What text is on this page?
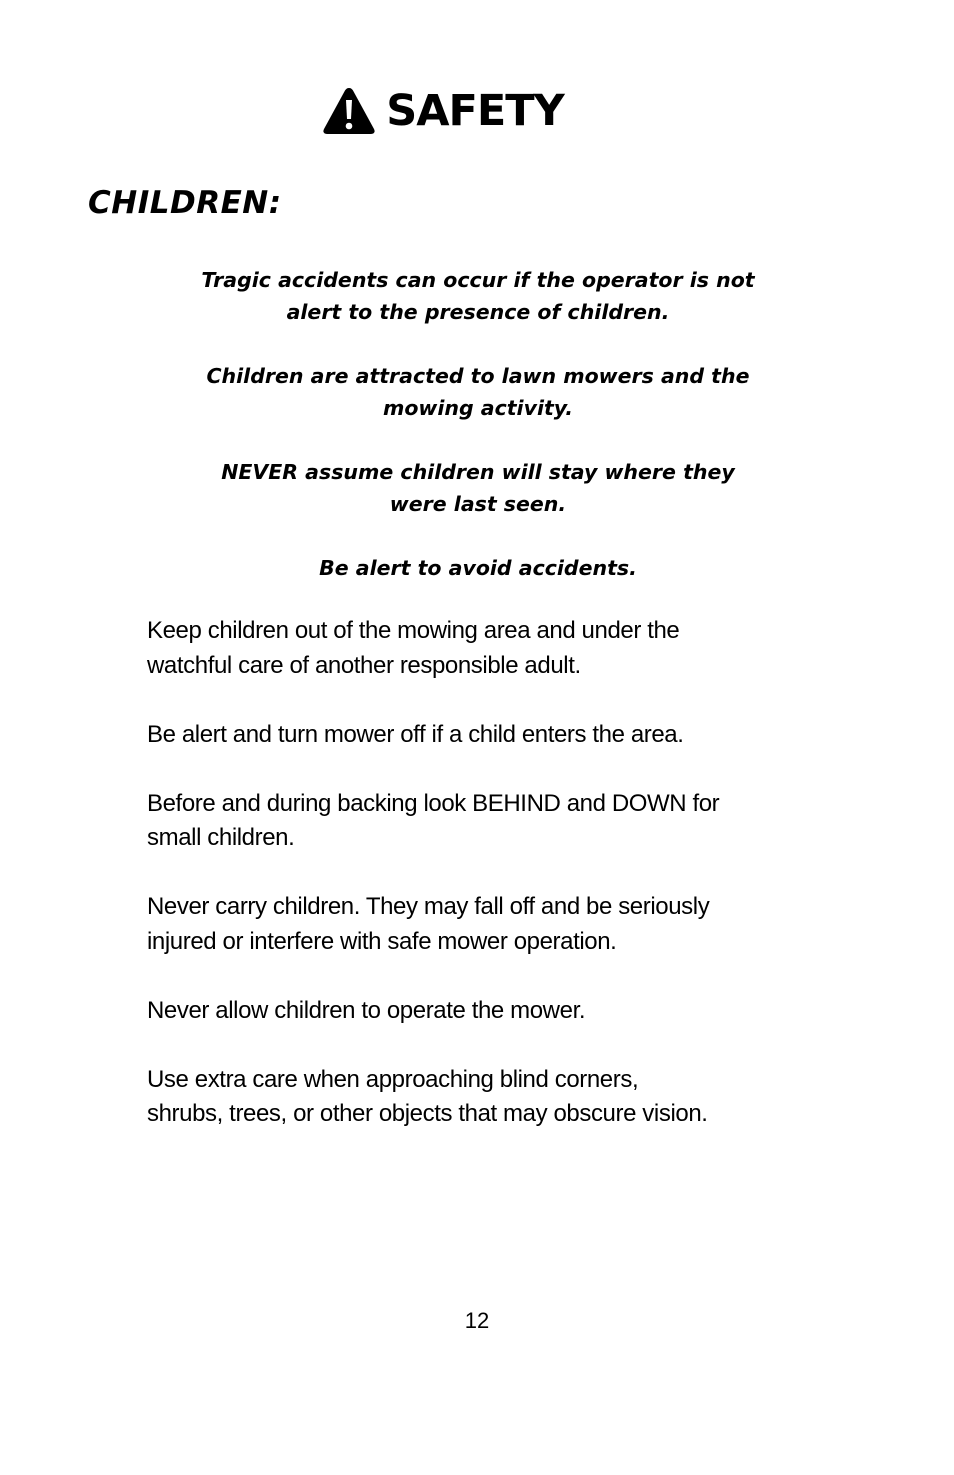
SAFETY
CHILDREN:

Tragic accidents can occur if the operator is not
alert to the presence of children.

Children are attracted to lawn mowers and the
mowing activity.

NEVER assume children will stay where they
were last seen.

Be alert to avoid accidents.

Keep children out of the mowing area and under the
watchful care of another responsible adult.

Be alert and turn mower off if a child enters the area.

Before and during backing look BEHIND and DOWN for
small children.

Never carry children. They may fall off and be seriously
injured or interfere with safe mower operation.

Never allow children to operate the mower.

Use extra care when approaching blind corners,
shrubs, trees, or other objects that may obscure vision.

12
